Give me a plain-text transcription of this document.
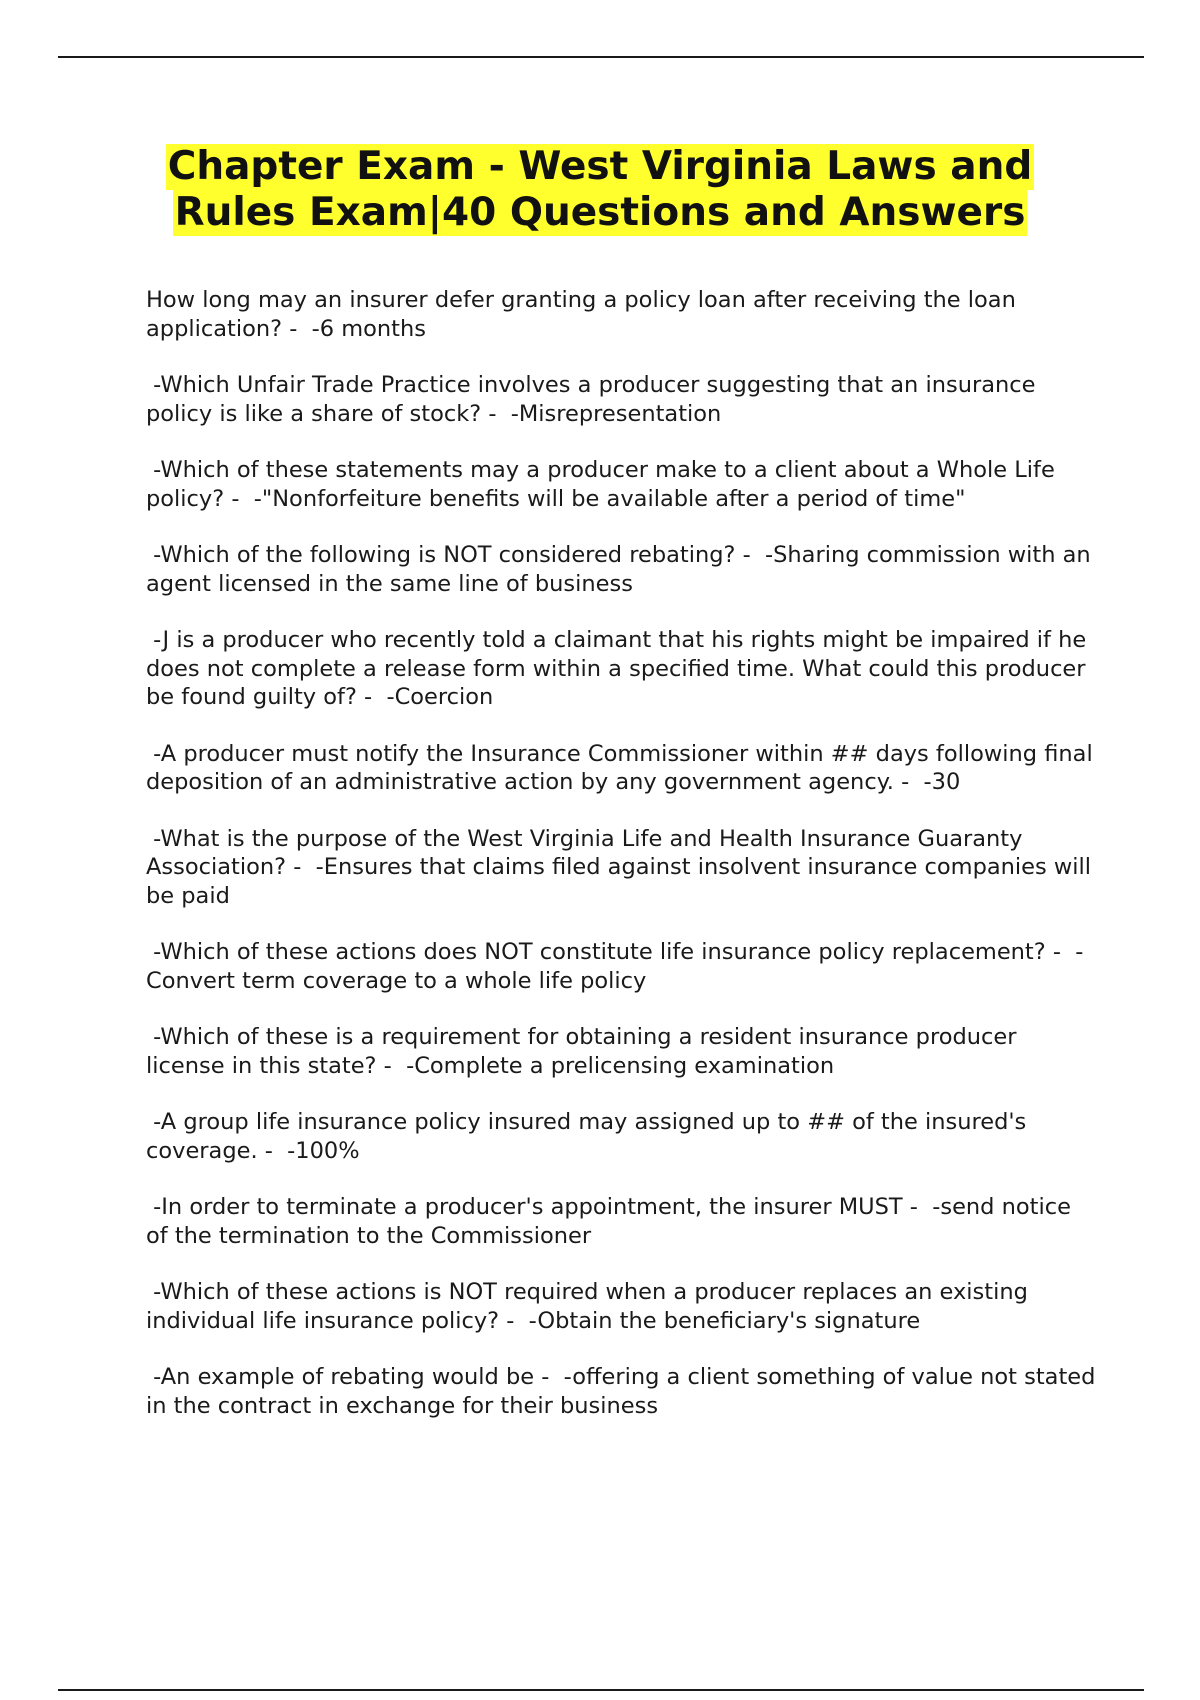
Chapter Exam - West Virginia Laws and
Rules Exam|40 Questions and Answers
How long may an insurer defer granting a policy loan after receiving the loan application? -  -6 months
-Which Unfair Trade Practice involves a producer suggesting that an insurance policy is like a share of stock? -  -Misrepresentation
-Which of these statements may a producer make to a client about a Whole Life policy? -  -"Nonforfeiture benefits will be available after a period of time"
-Which of the following is NOT considered rebating? -  -Sharing commission with an agent licensed in the same line of business
-J is a producer who recently told a claimant that his rights might be impaired if he does not complete a release form within a specified time. What could this producer be found guilty of? -  -Coercion
-A producer must notify the Insurance Commissioner within ## days following final deposition of an administrative action by any government agency. -  -30
-What is the purpose of the West Virginia Life and Health Insurance Guaranty Association? -  -Ensures that claims filed against insolvent insurance companies will be paid
-Which of these actions does NOT constitute life insurance policy replacement? -  -Convert term coverage to a whole life policy
-Which of these is a requirement for obtaining a resident insurance producer license in this state? -  -Complete a prelicensing examination
-A group life insurance policy insured may assigned up to ## of the insured's coverage. -  -100%
-In order to terminate a producer's appointment, the insurer MUST -  -send notice of the termination to the Commissioner
-Which of these actions is NOT required when a producer replaces an existing individual life insurance policy? -  -Obtain the beneficiary's signature
-An example of rebating would be -  -offering a client something of value not stated in the contract in exchange for their business
